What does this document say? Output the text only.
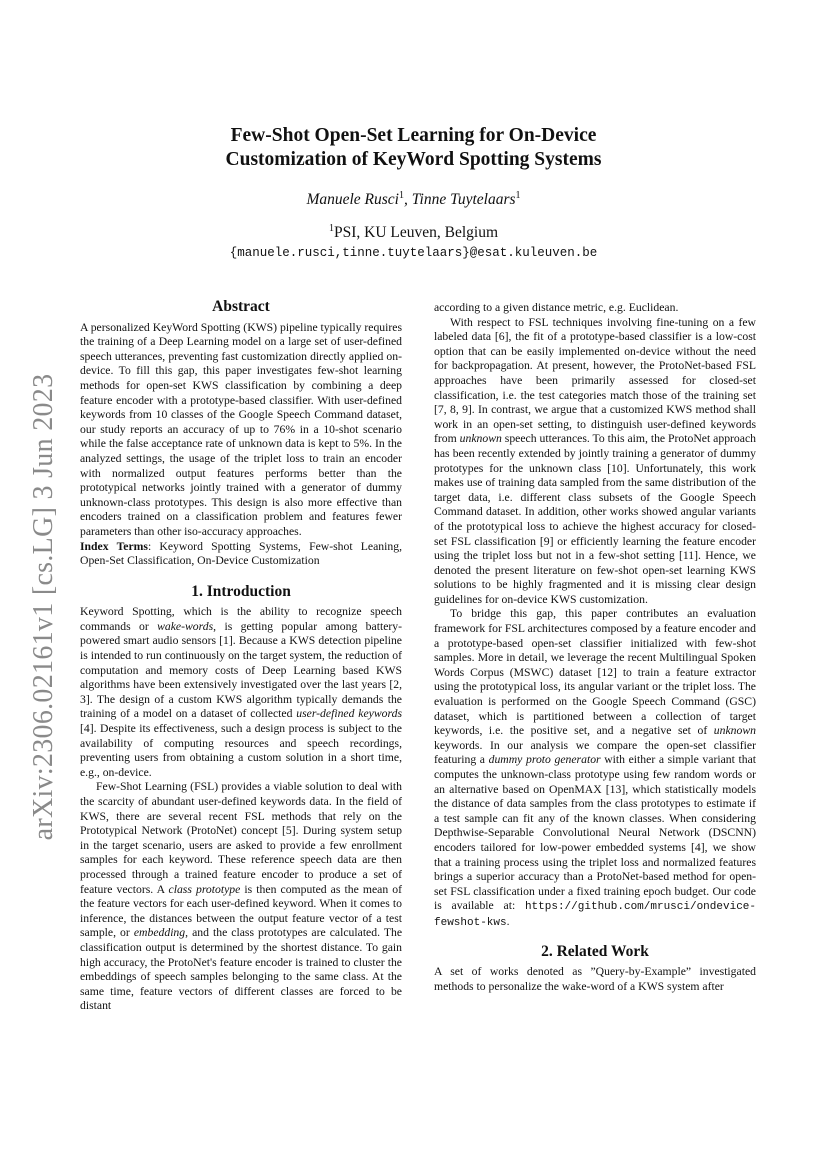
arXiv:2306.02161v1 [cs.LG] 3 Jun 2023
Few-Shot Open-Set Learning for On-Device
Customization of KeyWord Spotting Systems
Manuele Rusci$^1$, Tinne Tuytelaars$^1$
$^1$PSI, KU Leuven, Belgium
{manuele.rusci,tinne.tuytelaars}@esat.kuleuven.be
Abstract

A personalized KeyWord Spotting (KWS) pipeline typically requires the training of a Deep Learning model on a large set of user-defined speech utterances, preventing fast customization directly applied on-device. To fill this gap, this paper investigates few-shot learning methods for open-set KWS classification by combining a deep feature encoder with a prototype-based classifier. With user-defined keywords from 10 classes of the Google Speech Command dataset, our study reports an accuracy of up to 76% in a 10-shot scenario while the false acceptance rate of unknown data is kept to 5%. In the analyzed settings, the usage of the triplet loss to train an encoder with normalized output features performs better than the prototypical networks jointly trained with a generator of dummy unknown-class prototypes. This design is also more effective than encoders trained on a classification problem and features fewer parameters than other iso-accuracy approaches.

Index Terms: Keyword Spotting Systems, Few-shot Leaning, Open-Set Classification, On-Device Customization

1. Introduction

Keyword Spotting, which is the ability to recognize speech commands or wake-words, is getting popular among battery-powered smart audio sensors [1]. Because a KWS detection pipeline is intended to run continuously on the target system, the reduction of computation and memory costs of Deep Learning based KWS algorithms have been extensively investigated over the last years [2, 3]. The design of a custom KWS algorithm typically demands the training of a model on a dataset of collected user-defined keywords [4]. Despite its effectiveness, such a design process is subject to the availability of computing resources and speech recordings, preventing users from obtaining a custom solution in a short time, e.g., on-device.

Few-Shot Learning (FSL) provides a viable solution to deal with the scarcity of abundant user-defined keywords data. In the field of KWS, there are several recent FSL methods that rely on the Prototypical Network (ProtoNet) concept [5]. During system setup in the target scenario, users are asked to provide a few enrollment samples for each keyword. These reference speech data are then processed through a trained feature encoder to produce a set of feature vectors. A class prototype is then computed as the mean of the feature vectors for each user-defined keyword. When it comes to inference, the distances between the output feature vector of a test sample, or embedding, and the class prototypes are calculated. The classification output is determined by the shortest distance. To gain high accuracy, the ProtoNet's feature encoder is trained to cluster the embeddings of speech samples belonging to the same class. At the same time, feature vectors of different classes are forced to be distant

according to a given distance metric, e.g. Euclidean.

With respect to FSL techniques involving fine-tuning on a few labeled data [6], the fit of a prototype-based classifier is a low-cost option that can be easily implemented on-device without the need for backpropagation. At present, however, the ProtoNet-based FSL approaches have been primarily assessed for closed-set classification, i.e. the test categories match those of the training set [7, 8, 9]. In contrast, we argue that a customized KWS method shall work in an open-set setting, to distinguish user-defined keywords from unknown speech utterances. To this aim, the ProtoNet approach has been recently extended by jointly training a generator of dummy prototypes for the unknown class [10]. Unfortunately, this work makes use of training data sampled from the same distribution of the target data, i.e. different class subsets of the Google Speech Command dataset. In addition, other works showed angular variants of the prototypical loss to achieve the highest accuracy for closed-set FSL classification [9] or efficiently learning the feature encoder using the triplet loss but not in a few-shot setting [11]. Hence, we denoted the present literature on few-shot open-set learning KWS solutions to be highly fragmented and it is missing clear design guidelines for on-device KWS customization.

To bridge this gap, this paper contributes an evaluation framework for FSL architectures composed by a feature encoder and a prototype-based open-set classifier initialized with few-shot samples. More in detail, we leverage the recent Multilingual Spoken Words Corpus (MSWC) dataset [12] to train a feature extractor using the prototypical loss, its angular variant or the triplet loss. The evaluation is performed on the Google Speech Command (GSC) dataset, which is partitioned between a collection of target keywords, i.e. the positive set, and a negative set of unknown keywords. In our analysis we compare the open-set classifier featuring a dummy proto generator with either a simple variant that computes the unknown-class prototype using few random words or an alternative based on OpenMAX [13], which statistically models the distance of data samples from the class prototypes to estimate if a test sample can fit any of the known classes. When considering Depthwise-Separable Convolutional Neural Network (DSCNN) encoders tailored for low-power embedded systems [4], we show that a training process using the triplet loss and normalized features brings a superior accuracy than a ProtoNet-based method for open-set FSL classification under a fixed training epoch budget. Our code is available at: https://github.com/mrusci/ondevice-fewshot-kws.

2. Related Work

A set of works denoted as ”Query-by-Example” investigated methods to personalize the wake-word of a KWS system after
